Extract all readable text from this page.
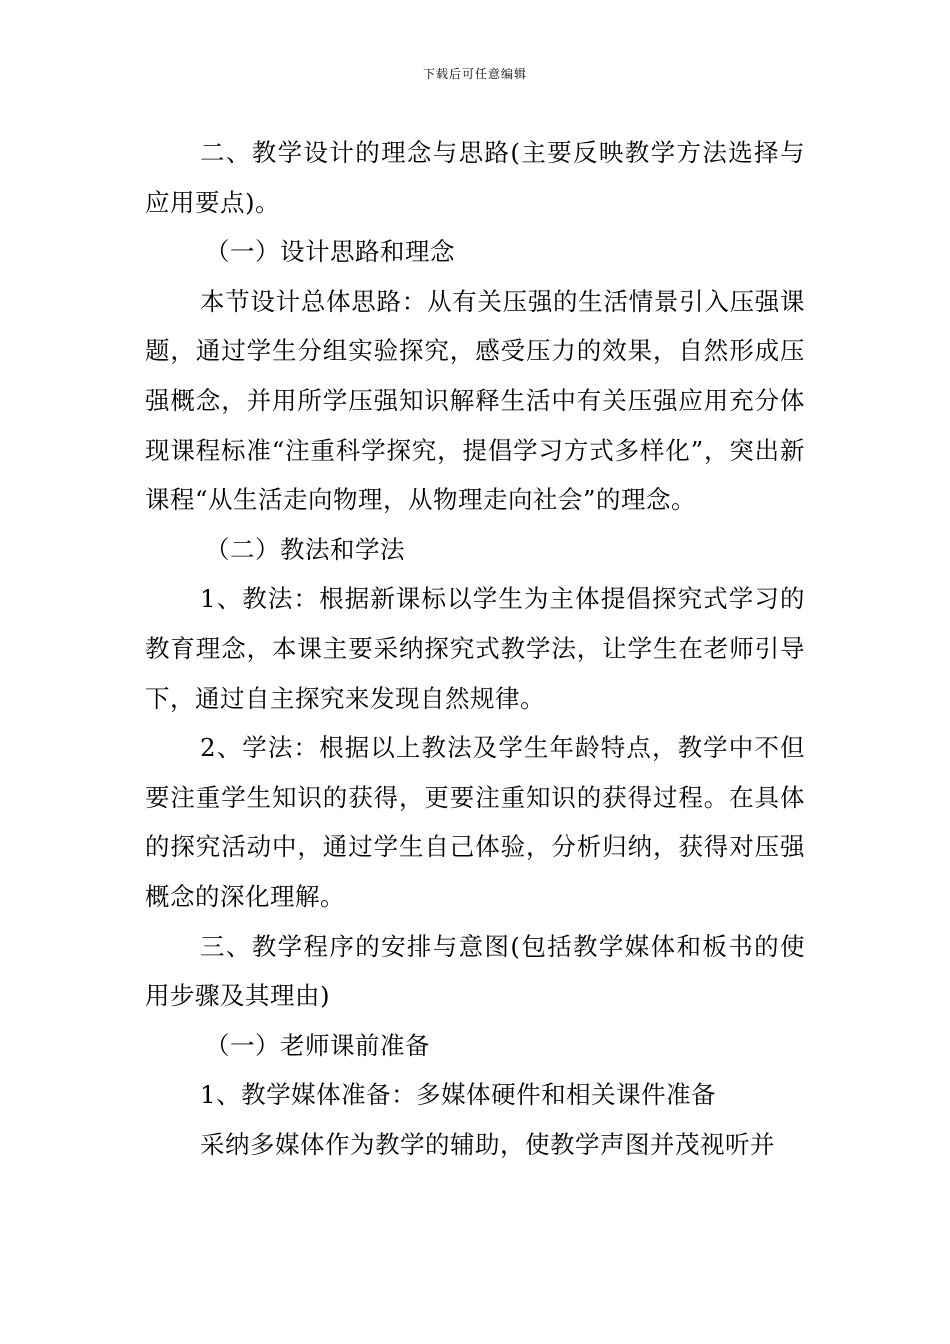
下载后可任意编辑

二、教学设计的理念与思路(主要反映教学方法选择与应用要点)。

（一）设计思路和理念

本节设计总体思路：从有关压强的生活情景引入压强课题，通过学生分组实验探究，感受压力的效果，自然形成压强概念，并用所学压强知识解释生活中有关压强应用充分体现课程标准“注重科学探究，提倡学习方式多样化”，突出新课程“从生活走向物理，从物理走向社会”的理念。

（二）教法和学法

1、教法：根据新课标以学生为主体提倡探究式学习的教育理念，本课主要采纳探究式教学法，让学生在老师引导下，通过自主探究来发现自然规律。

2、学法：根据以上教法及学生年龄特点，教学中不但要注重学生知识的获得，更要注重知识的获得过程。在具体的探究活动中，通过学生自己体验，分析归纳，获得对压强概念的深化理解。

三、教学程序的安排与意图(包括教学媒体和板书的使用步骤及其理由)

（一）老师课前准备

1、教学媒体准备：多媒体硬件和相关课件准备

采纳多媒体作为教学的辅助，使教学声图并茂视听并
